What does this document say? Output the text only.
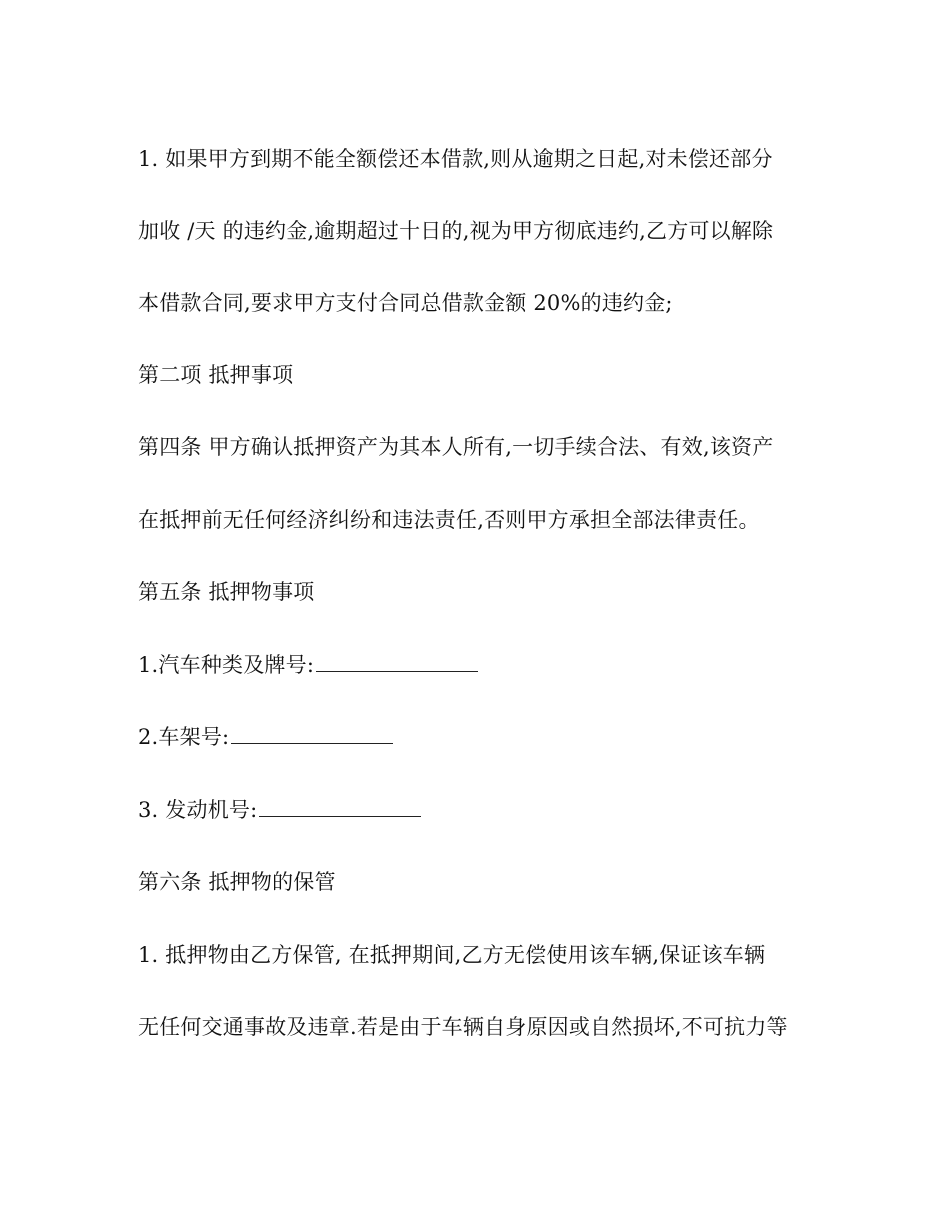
1. 如果甲方到期不能全额偿还本借款,则从逾期之日起,对未偿还部分
加收 /天 的违约金,逾期超过十日的,视为甲方彻底违约,乙方可以解除
本借款合同,要求甲方支付合同总借款金额 20%的违约金;
第二项 抵押事项
第四条 甲方确认抵押资产为其本人所有,一切手续合法、有效,该资产
在抵押前无任何经济纠纷和违法责任,否则甲方承担全部法律责任。
第五条 抵押物事项
1.汽车种类及牌号:
2.车架号:
3. 发动机号:
第六条 抵押物的保管
1. 抵押物由乙方保管, 在抵押期间,乙方无偿使用该车辆,保证该车辆
无任何交通事故及违章.若是由于车辆自身原因或自然损坏,不可抗力等
